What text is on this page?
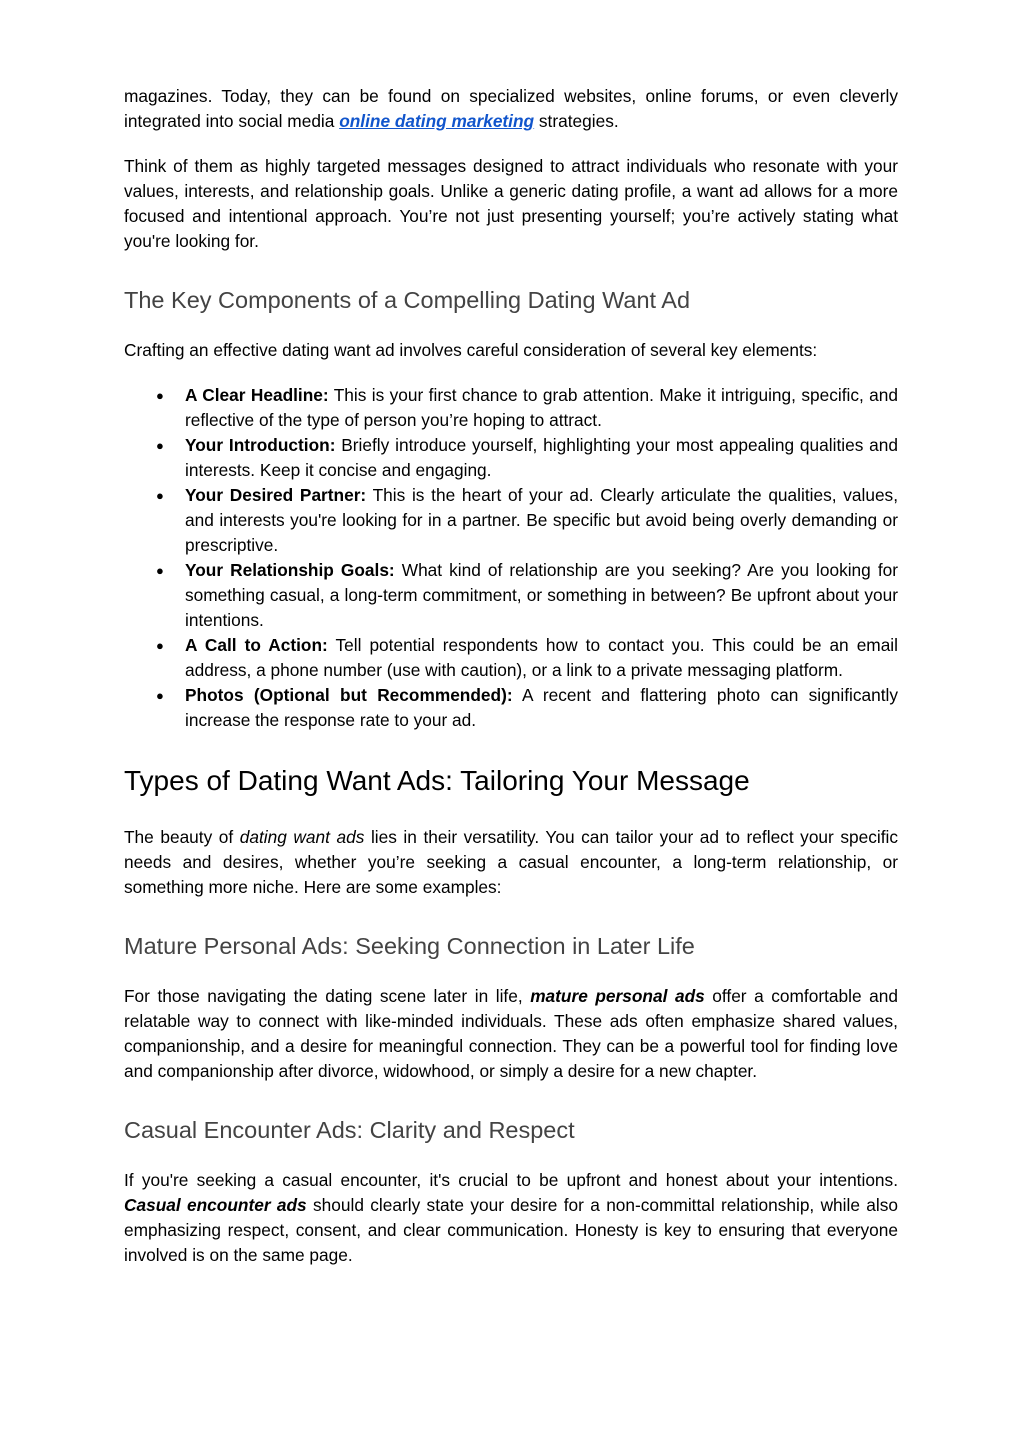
magazines. Today, they can be found on specialized websites, online forums, or even cleverly integrated into social media online dating marketing strategies.

Think of them as highly targeted messages designed to attract individuals who resonate with your values, interests, and relationship goals. Unlike a generic dating profile, a want ad allows for a more focused and intentional approach. You’re not just presenting yourself; you’re actively stating what you're looking for.

The Key Components of a Compelling Dating Want Ad

Crafting an effective dating want ad involves careful consideration of several key elements:

● A Clear Headline: This is your first chance to grab attention. Make it intriguing, specific, and reflective of the type of person you’re hoping to attract.
● Your Introduction: Briefly introduce yourself, highlighting your most appealing qualities and interests. Keep it concise and engaging.
● Your Desired Partner: This is the heart of your ad. Clearly articulate the qualities, values, and interests you're looking for in a partner. Be specific but avoid being overly demanding or prescriptive.
● Your Relationship Goals: What kind of relationship are you seeking? Are you looking for something casual, a long-term commitment, or something in between? Be upfront about your intentions.
● A Call to Action: Tell potential respondents how to contact you. This could be an email address, a phone number (use with caution), or a link to a private messaging platform.
● Photos (Optional but Recommended): A recent and flattering photo can significantly increase the response rate to your ad.
Types of Dating Want Ads: Tailoring Your Message

The beauty of dating want ads lies in their versatility. You can tailor your ad to reflect your specific needs and desires, whether you’re seeking a casual encounter, a long-term relationship, or something more niche. Here are some examples:

Mature Personal Ads: Seeking Connection in Later Life

For those navigating the dating scene later in life, mature personal ads offer a comfortable and relatable way to connect with like-minded individuals. These ads often emphasize shared values, companionship, and a desire for meaningful connection. They can be a powerful tool for finding love and companionship after divorce, widowhood, or simply a desire for a new chapter.

Casual Encounter Ads: Clarity and Respect

If you're seeking a casual encounter, it's crucial to be upfront and honest about your intentions. Casual encounter ads should clearly state your desire for a non-committal relationship, while also emphasizing respect, consent, and clear communication. Honesty is key to ensuring that everyone involved is on the same page.
